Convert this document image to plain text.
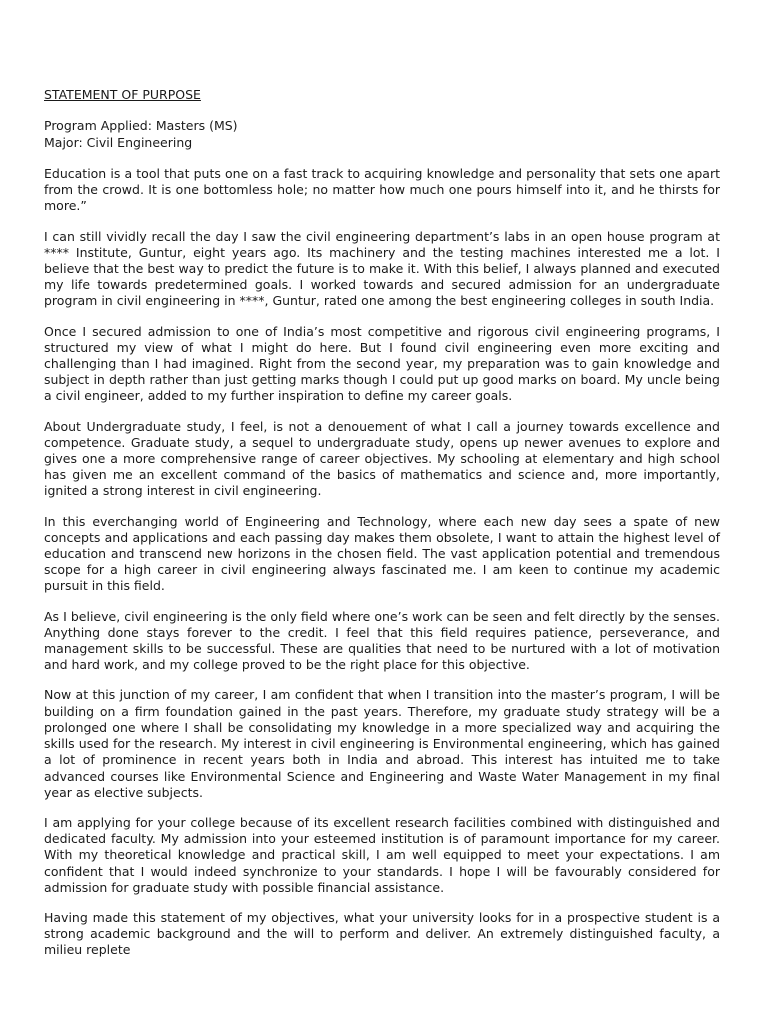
STATEMENT OF PURPOSE
Program Applied: Masters (MS)
Major: Civil Engineering

Education is a tool that puts one on a fast track to acquiring knowledge and personality that sets one apart from the crowd. It is one bottomless hole; no matter how much one pours himself into it, and he thirsts for more.”

I can still vividly recall the day I saw the civil engineering department’s labs in an open house program at **** Institute, Guntur, eight years ago. Its machinery and the testing machines interested me a lot. I believe that the best way to predict the future is to make it. With this belief, I always planned and executed my life towards predetermined goals. I worked towards and secured admission for an undergraduate program in civil engineering in ****, Guntur, rated one among the best engineering colleges in south India.

Once I secured admission to one of India’s most competitive and rigorous civil engineering programs, I structured my view of what I might do here. But I found civil engineering even more exciting and challenging than I had imagined. Right from the second year, my preparation was to gain knowledge and subject in depth rather than just getting marks though I could put up good marks on board. My uncle being a civil engineer, added to my further inspiration to define my career goals.

About Undergraduate study, I feel, is not a denouement of what I call a journey towards excellence and competence. Graduate study, a sequel to undergraduate study, opens up newer avenues to explore and gives one a more comprehensive range of career objectives. My schooling at elementary and high school has given me an excellent command of the basics of mathematics and science and, more importantly, ignited a strong interest in civil engineering.

In this everchanging world of Engineering and Technology, where each new day sees a spate of new concepts and applications and each passing day makes them obsolete, I want to attain the highest level of education and transcend new horizons in the chosen field. The vast application potential and tremendous scope for a high career in civil engineering always fascinated me. I am keen to continue my academic pursuit in this field.

As I believe, civil engineering is the only field where one’s work can be seen and felt directly by the senses. Anything done stays forever to the credit. I feel that this field requires patience, perseverance, and management skills to be successful. These are qualities that need to be nurtured with a lot of motivation and hard work, and my college proved to be the right place for this objective.

Now at this junction of my career, I am confident that when I transition into the master’s program, I will be building on a firm foundation gained in the past years. Therefore, my graduate study strategy will be a prolonged one where I shall be consolidating my knowledge in a more specialized way and acquiring the skills used for the research. My interest in civil engineering is Environmental engineering, which has gained a lot of prominence in recent years both in India and abroad. This interest has intuited me to take advanced courses like Environmental Science and Engineering and Waste Water Management in my final year as elective subjects.

I am applying for your college because of its excellent research facilities combined with distinguished and dedicated faculty. My admission into your esteemed institution is of paramount importance for my career. With my theoretical knowledge and practical skill, I am well equipped to meet your expectations. I am confident that I would indeed synchronize to your standards. I hope I will be favourably considered for admission for graduate study with possible financial assistance.

Having made this statement of my objectives, what your university looks for in a prospective student is a strong academic background and the will to perform and deliver. An extremely distinguished faculty, a milieu replete
